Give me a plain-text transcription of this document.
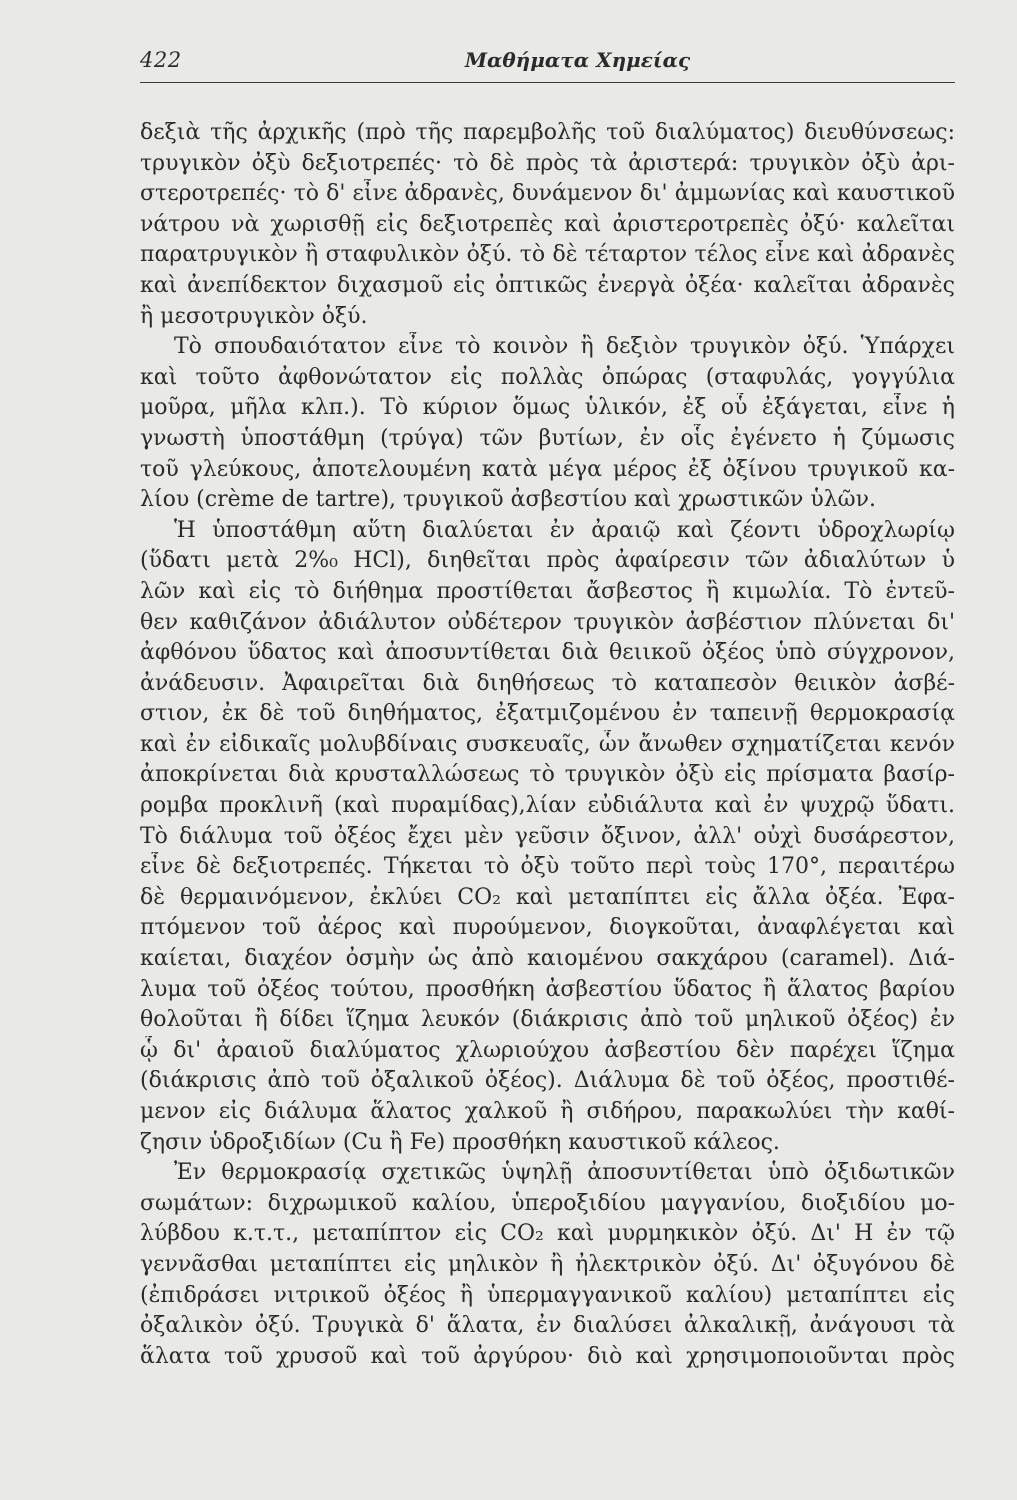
422	Μαθήματα Χημείας
δεξιὰ τῆς ἀρχικῆς (πρὸ τῆς παρεμβολῆς τοῦ διαλύματος) διευθύνσεως:
τρυγικὸν ὀξὺ δεξιοτρεπές· τὸ δὲ πρὸς τὰ ἀριστερά: τρυγικὸν ὀξὺ ἀρι-
στεροτρεπές· τὸ δ' εἶνε ἀδρανὲς, δυνάμενον δι' ἀμμωνίας καὶ καυστικοῦ
νάτρου νὰ χωρισθῇ εἰς δεξιοτρεπὲς καὶ ἀριστεροτρεπὲς ὀξύ· καλεῖται
παρατρυγικὸν ἢ σταφυλικὸν ὀξύ. τὸ δὲ τέταρτον τέλος εἶνε καὶ ἀδρανὲς
καὶ ἀνεπίδεκτον διχασμοῦ εἰς ὀπτικῶς ἐνεργὰ ὀξέα· καλεῖται ἀδρανὲς
ἢ μεσοτρυγικὸν ὀξύ.
Τὸ σπουδαιότατον εἶνε τὸ κοινὸν ἢ δεξιὸν τρυγικὸν ὀξύ. Ὑπάρχει
καὶ τοῦτο ἀφθονώτατον εἰς πολλὰς ὀπώρας (σταφυλάς, γογγύλια
μοῦρα, μῆλα κλπ.). Τὸ κύριον ὅμως ὑλικόν, ἐξ οὗ ἐξάγεται, εἶνε ἡ
γνωστὴ ὑποστάθμη (τρύγα) τῶν βυτίων, ἐν οἷς ἐγένετο ἡ ζύμωσις
τοῦ γλεύκους, ἀποτελουμένη κατὰ μέγα μέρος ἐξ ὀξίνου τρυγικοῦ κα-
λίου (crème de tartre), τρυγικοῦ ἀσβεστίου καὶ χρωστικῶν ὑλῶν.
Ἡ ὑποστάθμη αὕτη διαλύεται ἐν ἀραιῷ καὶ ζέοντι ὑδροχλωρίῳ
(ὕδατι μετὰ 2%₀ HCl), διηθεῖται πρὸς ἀφαίρεσιν τῶν ἀδιαλύτων ὑ
λῶν καὶ εἰς τὸ διήθημα προστίθεται ἄσβεστος ἢ κιμωλία. Τὸ ἐντεῦ-
θεν καθιζάνον ἀδιάλυτον οὐδέτερον τρυγικὸν ἀσβέστιον πλύνεται δι'
ἀφθόνου ὕδατος καὶ ἀποσυντίθεται διὰ θειικοῦ ὀξέος ὑπὸ σύγχρονον,
ἀνάδευσιν. Ἀφαιρεῖται διὰ διηθήσεως τὸ καταπεσὸν θειικὸν ἀσβέ-
στιον, ἐκ δὲ τοῦ διηθήματος, ἐξατμιζομένου ἐν ταπεινῇ θερμοκρασίᾳ
καὶ ἐν εἰδικαῖς μολυβδίναις συσκευαῖς, ὧν ἄνωθεν σχηματίζεται κενόν
ἀποκρίνεται διὰ κρυσταλλώσεως τὸ τρυγικὸν ὀξὺ εἰς πρίσματα βασίρ-
ρομβα προκλινῆ (καὶ πυραμίδας),λίαν εὐδιάλυτα καὶ ἐν ψυχρῷ ὕδατι.
Τὸ διάλυμα τοῦ ὀξέος ἔχει μὲν γεῦσιν ὄξινον, ἀλλ' οὐχὶ δυσάρεστον,
εἶνε δὲ δεξιοτρεπές. Τήκεται τὸ ὀξὺ τοῦτο περὶ τοὺς 170°, περαιτέρω
δὲ θερμαινόμενον, ἐκλύει CO₂ καὶ μεταπίπτει εἰς ἄλλα ὀξέα. Ἐφα-
πτόμενον τοῦ ἀέρος καὶ πυρούμενον, διογκοῦται, ἀναφλέγεται καὶ
καίεται, διαχέον ὀσμὴν ὡς ἀπὸ καιομένου σακχάρου (caramel). Διά-
λυμα τοῦ ὀξέος τούτου, προσθήκη ἀσβεστίου ὕδατος ἢ ἅλατος βαρίου
θολοῦται ἢ δίδει ἵζημα λευκόν (διάκρισις ἀπὸ τοῦ μηλικοῦ ὀξέος) ἐν
ᾧ δι' ἀραιοῦ διαλύματος χλωριούχου ἀσβεστίου δὲν παρέχει ἵζημα
(διάκρισις ἀπὸ τοῦ ὀξαλικοῦ ὀξέος). Διάλυμα δὲ τοῦ ὀξέος, προστιθέ-
μενον εἰς διάλυμα ἅλατος χαλκοῦ ἢ σιδήρου, παρακωλύει τὴν καθί-
ζησιν ὑδροξιδίων (Cu ἢ Fe) προσθήκη καυστικοῦ κάλεος.
Ἐν θερμοκρασίᾳ σχετικῶς ὑψηλῇ ἀποσυντίθεται ὑπὸ ὀξιδωτικῶν
σωμάτων: διχρωμικοῦ καλίου, ὑπεροξιδίου μαγγανίου, διοξιδίου μο-
λύβδου κ.τ.τ., μεταπίπτον εἰς CO₂ καὶ μυρμηκικὸν ὀξύ. Δι' Η ἐν τῷ
γεννᾶσθαι μεταπίπτει εἰς μηλικὸν ἢ ἠλεκτρικὸν ὀξύ. Δι' ὀξυγόνου δὲ
(ἐπιδράσει νιτρικοῦ ὀξέος ἢ ὑπερμαγγανικοῦ καλίου) μεταπίπτει εἰς
ὀξαλικὸν ὀξύ. Τρυγικὰ δ' ἅλατα, ἐν διαλύσει ἀλκαλικῇ, ἀνάγουσι τὰ
ἅλατα τοῦ χρυσοῦ καὶ τοῦ ἀργύρου· διὸ καὶ χρησιμοποιοῦνται πρὸς
